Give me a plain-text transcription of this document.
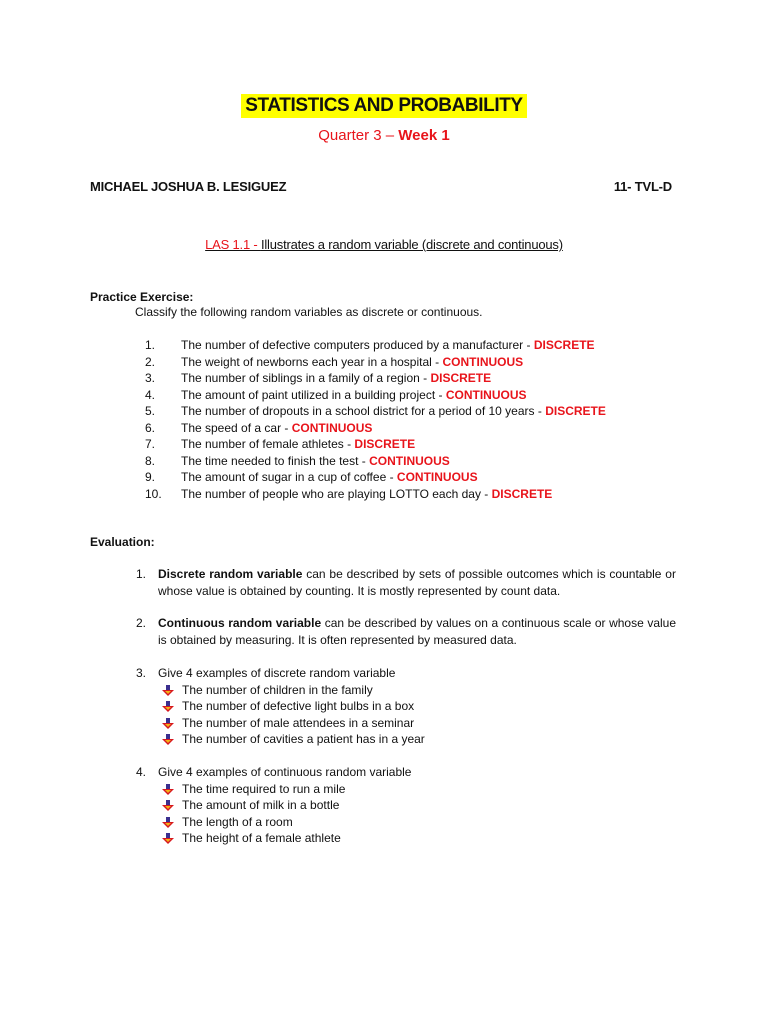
STATISTICS AND PROBABILITY
Quarter 3 – Week 1
MICHAEL JOSHUA B. LESIGUEZ	11- TVL-D
LAS 1.1 - Illustrates a random variable (discrete and continuous)
Practice Exercise:
Classify the following random variables as discrete or continuous.
1. The number of defective computers produced by a manufacturer - DISCRETE
2. The weight of newborns each year in a hospital - CONTINUOUS
3. The number of siblings in a family of a region - DISCRETE
4. The amount of paint utilized in a building project - CONTINUOUS
5. The number of dropouts in a school district for a period of 10 years - DISCRETE
6. The speed of a car - CONTINUOUS
7. The number of female athletes - DISCRETE
8. The time needed to finish the test - CONTINUOUS
9. The amount of sugar in a cup of coffee - CONTINUOUS
10. The number of people who are playing LOTTO each day - DISCRETE
Evaluation:
1. Discrete random variable can be described by sets of possible outcomes which is countable or whose value is obtained by counting. It is mostly represented by count data.
2. Continuous random variable can be described by values on a continuous scale or whose value is obtained by measuring. It is often represented by measured data.
3. Give 4 examples of discrete random variable
The number of children in the family
The number of defective light bulbs in a box
The number of male attendees in a seminar
The number of cavities a patient has in a year
4. Give 4 examples of continuous random variable
The time required to run a mile
The amount of milk in a bottle
The length of a room
The height of a female athlete
